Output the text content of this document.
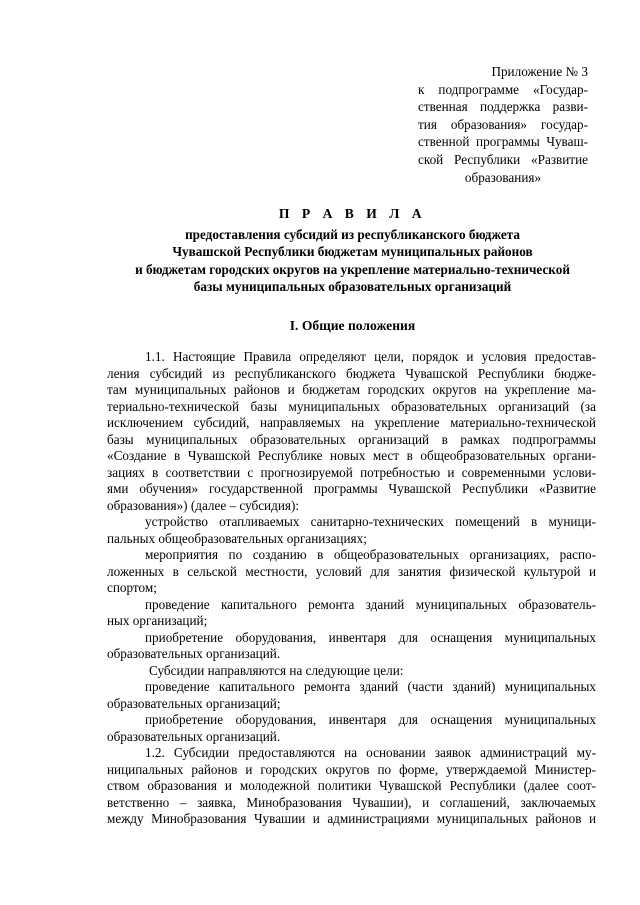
Приложение № 3
к подпрограмме «Государ-
ственная поддержка разви-
тия образования» государ-
ственной программы Чуваш-
ской Республики «Развитие
образования»
П Р А В И Л А
предоставления субсидий из республиканского бюджета
Чувашской Республики бюджетам муниципальных районов
и бюджетам городских округов на укрепление материально-технической
базы муниципальных образовательных организаций
I. Общие положения
1.1. Настоящие Правила определяют цели, порядок и условия предостав-
ления субсидий из республиканского бюджета Чувашской Республики бюдже-
там муниципальных районов и бюджетам городских округов на укрепление ма-
териально-технической базы муниципальных образовательных организаций (за
исключением субсидий, направляемых на укрепление материально-технической
базы муниципальных образовательных организаций в рамках подпрограммы
«Создание в Чувашской Республике новых мест в общеобразовательных органи-
зациях в соответствии с прогнозируемой потребностью и современными услови-
ями обучения» государственной программы Чувашской Республики «Развитие
образования») (далее – субсидия):
устройство отапливаемых санитарно-технических помещений в муници-
пальных общеобразовательных организациях;
мероприятия по созданию в общеобразовательных организациях, распо-
ложенных в сельской местности, условий для занятия физической культурой и
спортом;
проведение капитального ремонта зданий муниципальных образователь-
ных организаций;
приобретение оборудования, инвентаря для оснащения муниципальных
образовательных организаций.
Субсидии направляются на следующие цели:
проведение капитального ремонта зданий (части зданий) муниципальных
образовательных организаций;
приобретение оборудования, инвентаря для оснащения муниципальных
образовательных организаций.
1.2. Субсидии предоставляются на основании заявок администраций му-
ниципальных районов и городских округов по форме, утверждаемой Министер-
ством образования и молодежной политики Чувашской Республики (далее соот-
ветственно – заявка, Минобразования Чувашии), и соглашений, заключаемых
между Минобразования Чувашии и администрациями муниципальных районов и
